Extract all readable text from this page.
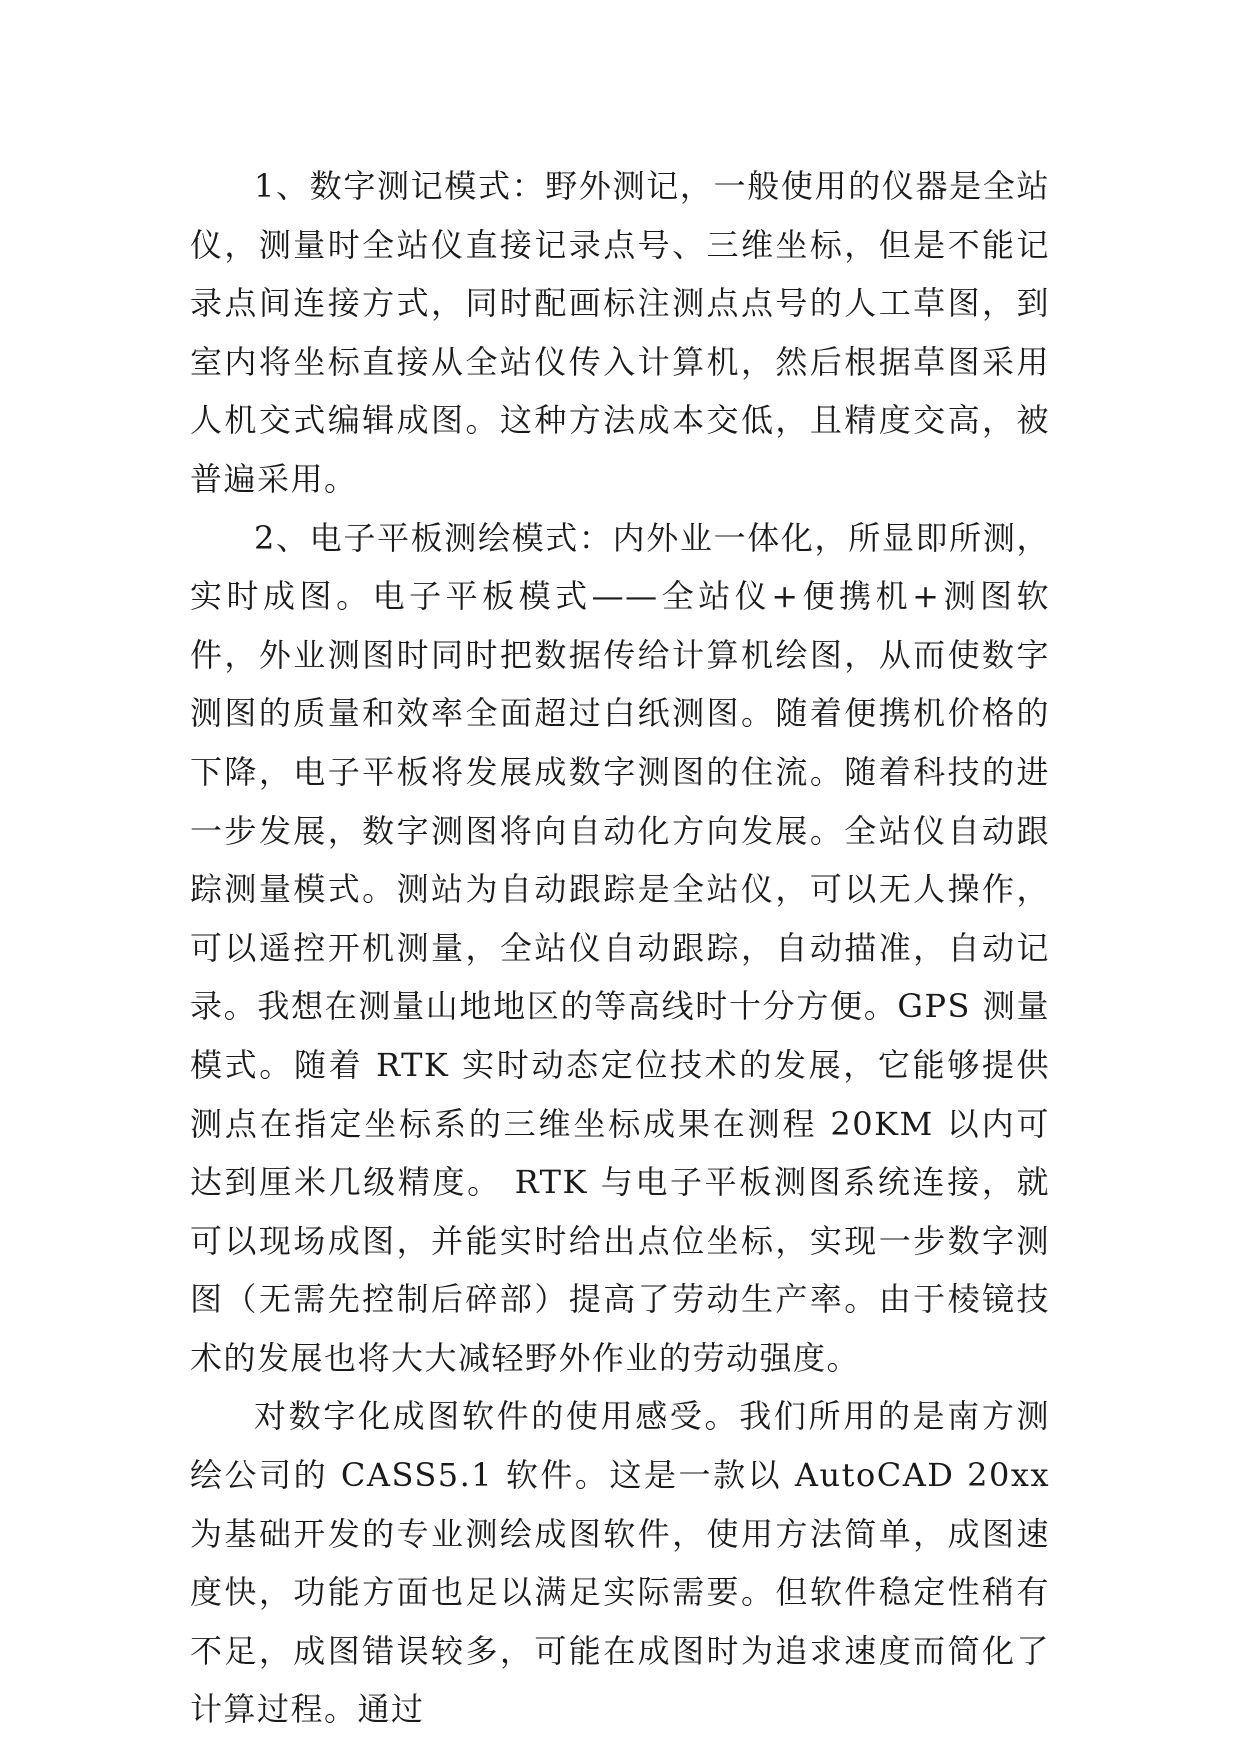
1、数字测记模式：野外测记，一般使用的仪器是全站仪，测量时全站仪直接记录点号、三维坐标，但是不能记录点间连接方式，同时配画标注测点点号的人工草图，到室内将坐标直接从全站仪传入计算机，然后根据草图采用人机交式编辑成图。这种方法成本交低，且精度交高，被普遍采用。

2、电子平板测绘模式：内外业一体化，所显即所测，实时成图。电子平板模式——全站仪+便携机+测图软件，外业测图时同时把数据传给计算机绘图，从而使数字测图的质量和效率全面超过白纸测图。随着便携机价格的下降，电子平板将发展成数字测图的住流。随着科技的进一步发展，数字测图将向自动化方向发展。全站仪自动跟踪测量模式。测站为自动跟踪是全站仪，可以无人操作，可以遥控开机测量，全站仪自动跟踪，自动描准，自动记录。我想在测量山地地区的等高线时十分方便。GPS 测量模式。随着 RTK 实时动态定位技术的发展，它能够提供测点在指定坐标系的三维坐标成果在测程 20KM 以内可达到厘米几级精度。 RTK 与电子平板测图系统连接，就可以现场成图，并能实时给出点位坐标，实现一步数字测图（无需先控制后碎部）提高了劳动生产率。由于棱镜技术的发展也将大大减轻野外作业的劳动强度。

对数字化成图软件的使用感受。我们所用的是南方测绘公司的 CASS5.1 软件。这是一款以 AutoCAD 20xx 为基础开发的专业测绘成图软件，使用方法简单，成图速度快，功能方面也足以满足实际需要。但软件稳定性稍有不足，成图错误较多，可能在成图时为追求速度而简化了计算过程。通过
